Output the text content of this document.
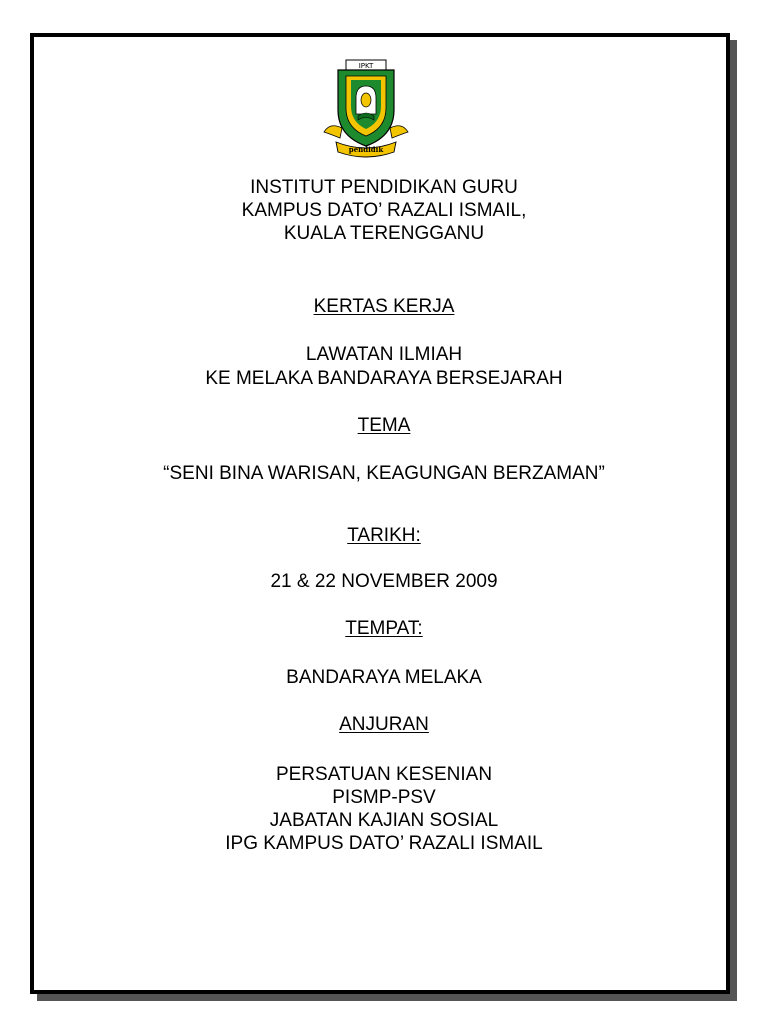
IPKT
pendidik
INSTITUT PENDIDIKAN GURU
KAMPUS DATO’ RAZALI ISMAIL,
KUALA TERENGGANU
KERTAS KERJA
LAWATAN ILMIAH
KE MELAKA BANDARAYA BERSEJARAH
TEMA
“SENI BINA WARISAN, KEAGUNGAN BERZAMAN”
TARIKH:
21 & 22 NOVEMBER 2009
TEMPAT:
BANDARAYA MELAKA
ANJURAN
PERSATUAN KESENIAN
PISMP-PSV
JABATAN KAJIAN SOSIAL
IPG KAMPUS DATO’ RAZALI ISMAIL
